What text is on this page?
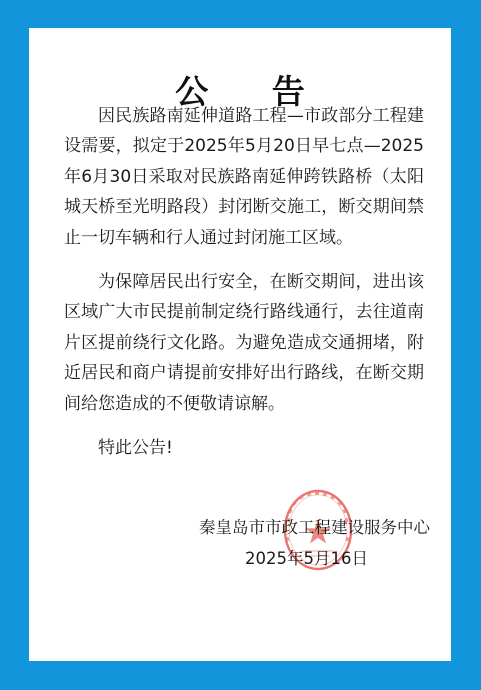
公 告

因民族路南延伸道路工程—市政部分工程建设需要，拟定于2025年5月20日早七点—2025年6月30日采取对民族路南延伸跨铁路桥（太阳城天桥至光明路段）封闭断交施工，断交期间禁止一切车辆和行人通过封闭施工区域。

为保障居民出行安全，在断交期间，进出该区域广大市民提前制定绕行路线通行，去往道南片区提前绕行文化路。为避免造成交通拥堵，附近居民和商户请提前安排好出行路线，在断交期间给您造成的不便敬请谅解。

特此公告!

秦皇岛市市政工程建设服务中心
2025年5月16日
